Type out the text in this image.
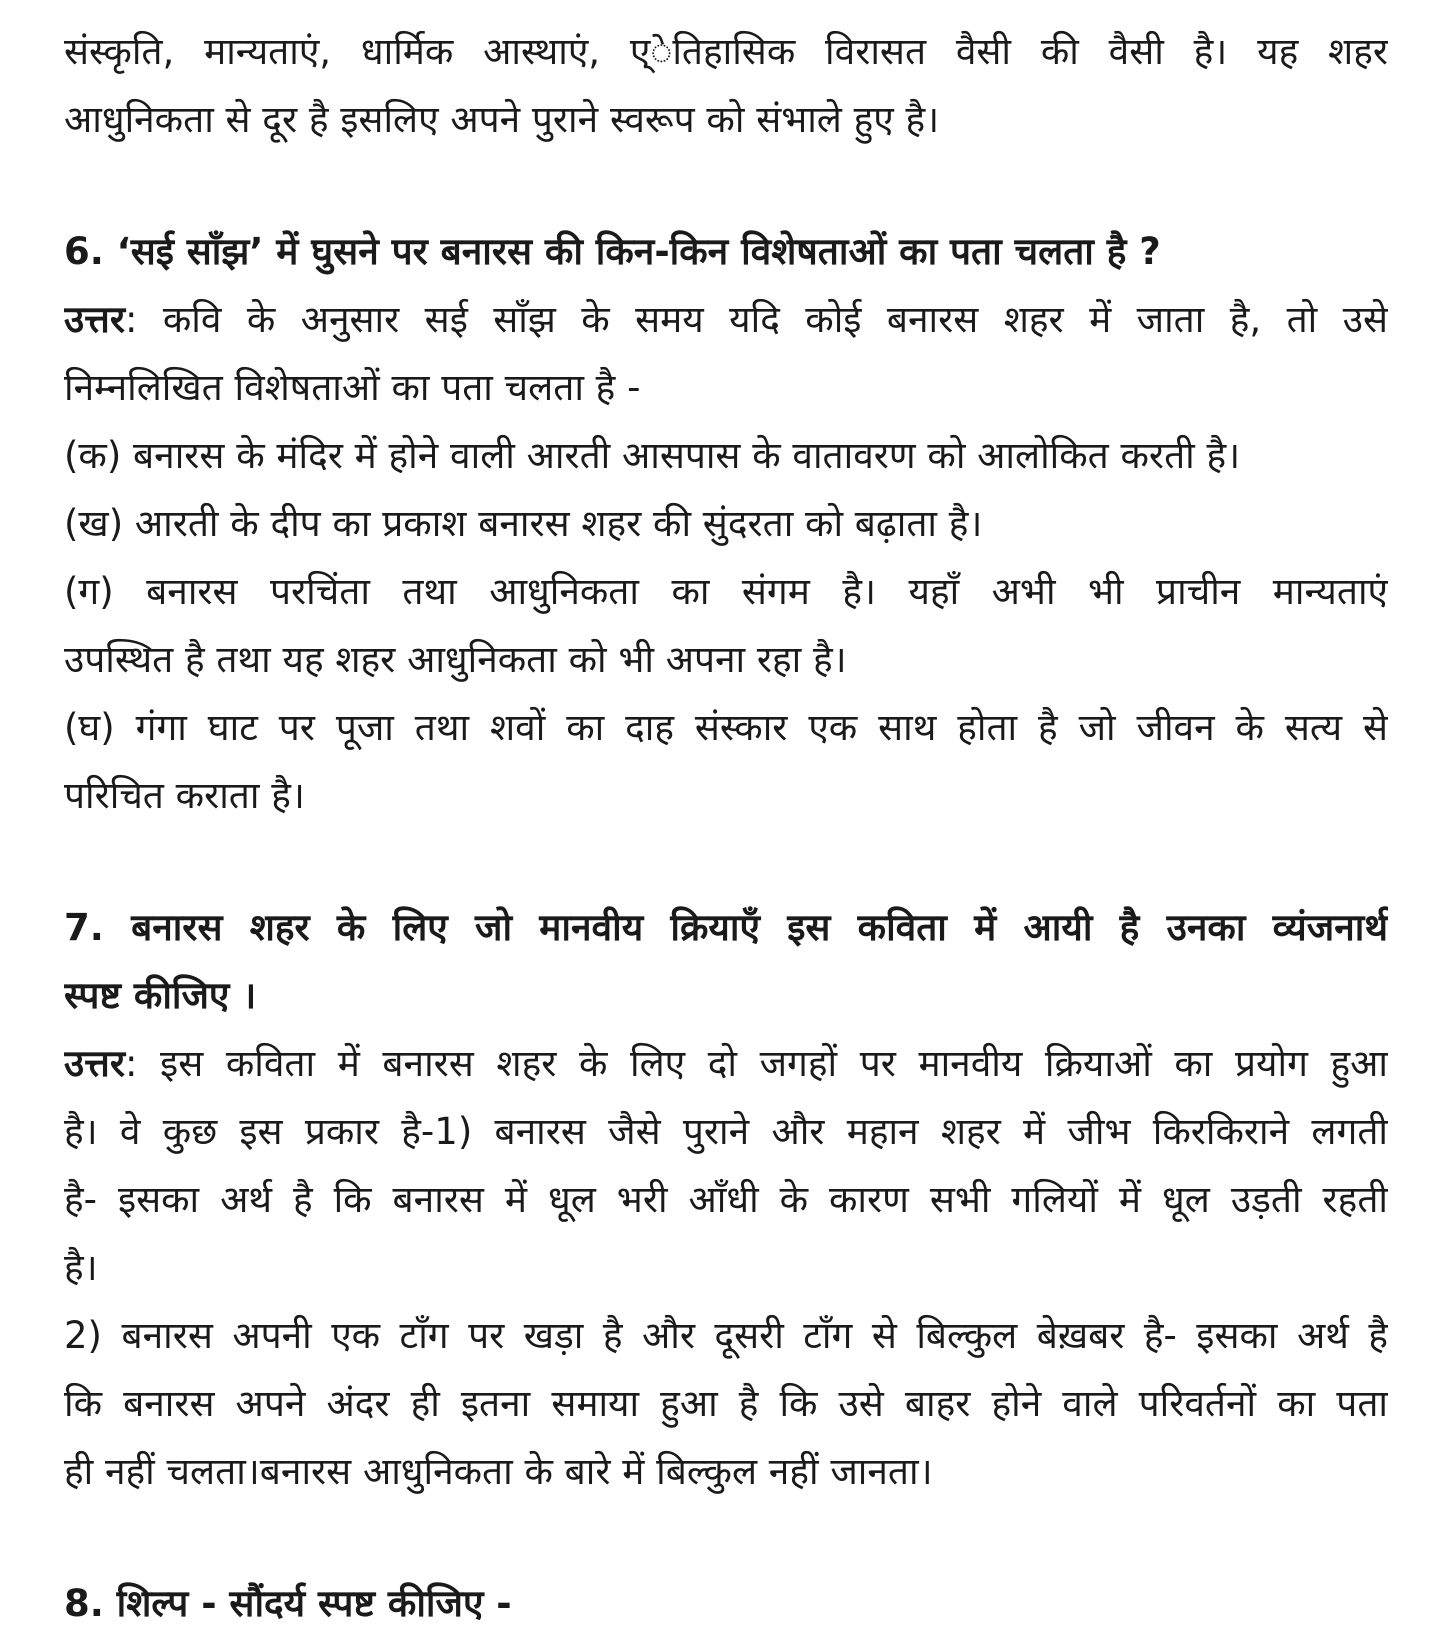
संस्कृति, मान्यताएं, धार्मिक आस्थाएं, ए्ेतिहासिक विरासत वैसी की वैसी है। यह शहर
आधुनिकता से दूर है इसलिए अपने पुराने स्वरूप को संभाले हुए है।
6. ‘सई साँझ’ में घुसने पर बनारस की किन-किन विशेषताओं का पता चलता है ?
उत्तर: कवि के अनुसार सई साँझ के समय यदि कोई बनारस शहर में जाता है, तो उसे
निम्नलिखित विशेषताओं का पता चलता है -
(क) बनारस के मंदिर में होने वाली आरती आसपास के वातावरण को आलोकित करती है।
(ख) आरती के दीप का प्रकाश बनारस शहर की सुंदरता को बढ़ाता है।
(ग) बनारस परचिंता तथा आधुनिकता का संगम है। यहाँ अभी भी प्राचीन मान्यताएं
उपस्थित है तथा यह शहर आधुनिकता को भी अपना रहा है।
(घ) गंगा घाट पर पूजा तथा शवों का दाह संस्कार एक साथ होता है जो जीवन के सत्य से
परिचित कराता है।
7. बनारस शहर के लिए जो मानवीय क्रियाएँ इस कविता में आयी है उनका व्यंजनार्थ
स्पष्ट कीजिए ।
उत्तर: इस कविता में बनारस शहर के लिए दो जगहों पर मानवीय क्रियाओं का प्रयोग हुआ
है। वे कुछ इस प्रकार है-1) बनारस जैसे पुराने और महान शहर में जीभ किरकिराने लगती
है- इसका अर्थ है कि बनारस में धूल भरी आँधी के कारण सभी गलियों में धूल उड़ती रहती
है।
2) बनारस अपनी एक टाँग पर खड़ा है और दूसरी टाँग से बिल्कुल बेख़बर है- इसका अर्थ है
कि बनारस अपने अंदर ही इतना समाया हुआ है कि उसे बाहर होने वाले परिवर्तनों का पता
ही नहीं चलता।बनारस आधुनिकता के बारे में बिल्कुल नहीं जानता।
8. शिल्प - सौंदर्य स्पष्ट कीजिए -
